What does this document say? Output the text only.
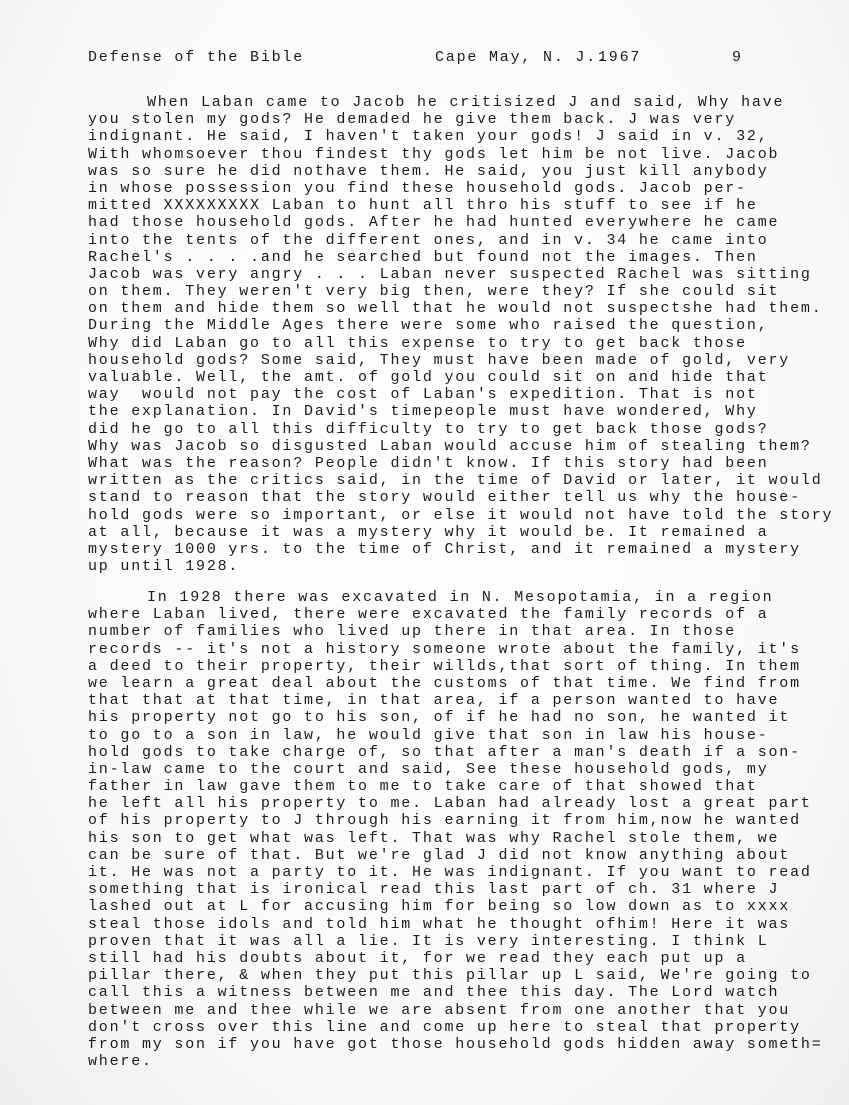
Defense of the Bible	Cape May, N. J..
1967	9
When Laban came to Jacob he critisized J and said, Why have
you stolen my gods? He demaded he give them back. J was very
indignant. He said, I haven't taken your gods! J said in v. 32,
With whomsoever thou findest thy gods let him be not live. Jacob
was so sure he did nothave them. He said, you just kill anybody
in whose possession you find these household gods. Jacob per-
mitted XXXXXXXXX Laban to hunt all thro his stuff to see if he
had those household gods. After he had hunted everywhere he came
into the tents of the different ones, and in v. 34 he came into
Rachel's . . . .and he searched but found not the images. Then
Jacob was very angry . . . Laban never suspected Rachel was sitting
on them. They weren't very big then, were they? If she could sit
on them and hide them so well that he would not suspectshe had them.
During the Middle Ages there were some who raised the question,
Why did Laban go to all this expense to try to get back those
household gods? Some said, They must have been made of gold, very
valuable. Well, the amt. of gold you could sit on and hide that
way  would not pay the cost of Laban's expedition. That is not
the explanation. In David's timepeople must have wondered, Why
did he go to all this difficulty to try to get back those gods?
Why was Jacob so disgusted Laban would accuse him of stealing them?
What was the reason? People didn't know. If this story had been
written as the critics said, in the time of David or later, it would
stand to reason that the story would either tell us why the house-
hold gods were so important, or else it would not have told the story
at all, because it was a mystery why it would be. It remained a
mystery 1000 yrs. to the time of Christ, and it remained a mystery
up until 1928.
In 1928 there was excavated in N. Mesopotamia, in a region
where Laban lived, there were excavated the family records of a
number of families who lived up there in that area. In those
records -- it's not a history someone wrote about the family, it's
a deed to their property, their willds,that sort of thing. In them
we learn a great deal about the customs of that time. We find from
that that at that time, in that area, if a person wanted to have
his property not go to his son, of if he had no son, he wanted it
to go to a son in law, he would give that son in law his house-
hold gods to take charge of, so that after a man's death if a son-
in-law came to the court and said, See these household gods, my
father in law gave them to me to take care of that showed that
he left all his property to me. Laban had already lost a great part
of his property to J through his earning it from him,now he wanted
his son to get what was left. That was why Rachel stole them, we
can be sure of that. But we're glad J did not know anything about
it. He was not a party to it. He was indignant. If you want to read
something that is ironical read this last part of ch. 31 where J
lashed out at L for accusing him for being so low down as to xxxx
steal those idols and told him what he thought ofhim! Here it was
proven that it was all a lie. It is very interesting. I think L
still had his doubts about it, for we read they each put up a
pillar there, & when they put this pillar up L said, We're going to
call this a witness between me and thee this day. The Lord watch
between me and thee while we are absent from one another that you
don't cross over this line and come up here to steal that property
from my son if you have got those household gods hidden away someth=
where.
